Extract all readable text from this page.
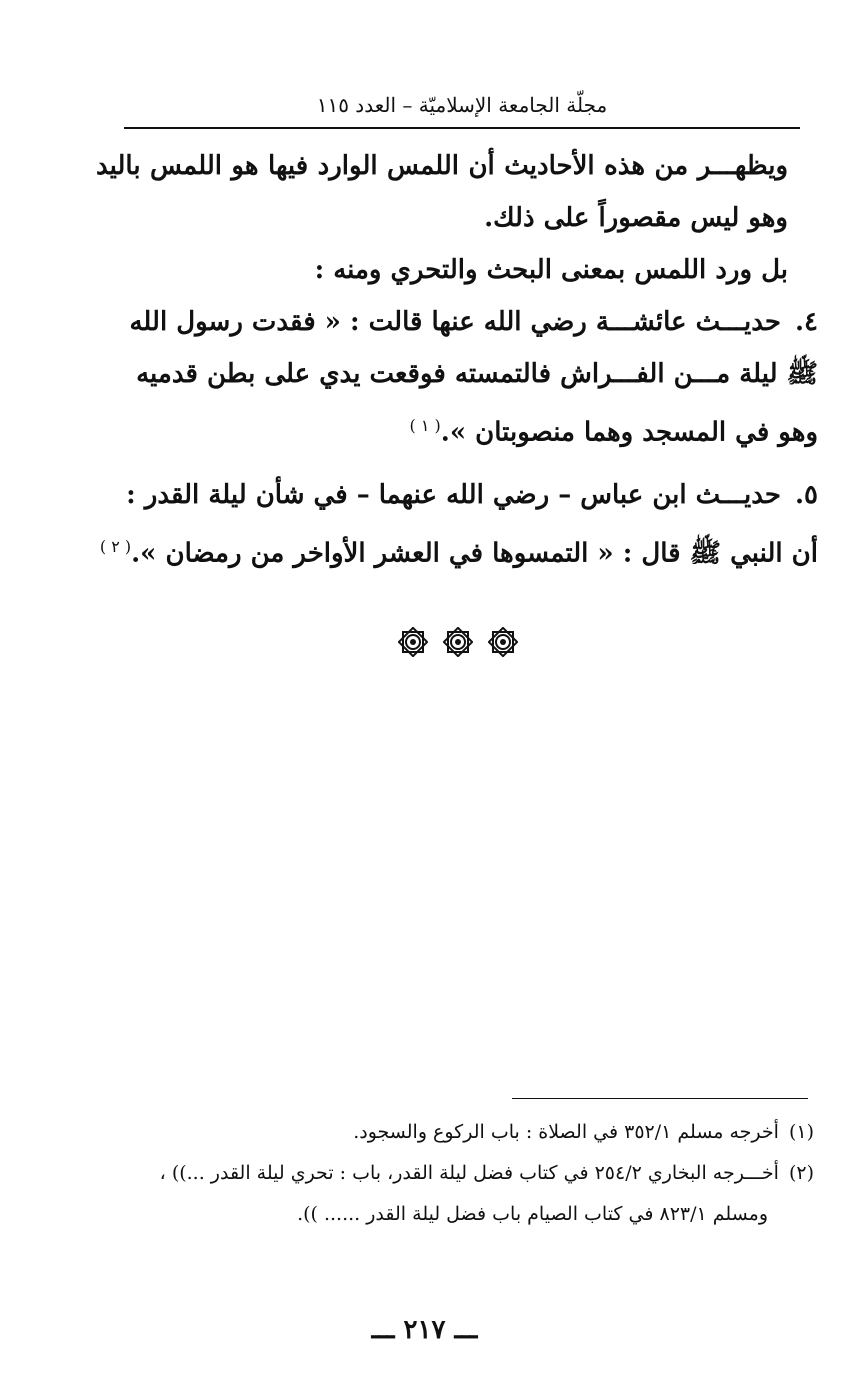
مجلّة الجامعة الإسلاميّة – العدد ١١٥

ويظهـــر من هذه الأحاديث أن اللمس الوارد فيها هو اللمس باليد وهو ليس مقصوراً على ذلك.

بل ورد اللمس بمعنى البحث والتحري ومنه :

٤.حديـــث عائشـــة رضي الله عنها قالت : « فقدت رسول الله ﷺ ليلة مـــن الفـــراش فالتمسته فوقعت يدي على بطن قدميه وهو في المسجد وهما منصوبتان ».$^{( ١ )}$
٥.حديـــث ابن عباس – رضي الله عنهما – في شأن ليلة القدر : أن النبي ﷺ قال : « التمسوها في العشر الأواخر من رمضان ».$^{( ٢ )}$

(١)أخرجه مسلم ٣٥٢/١ في الصلاة : باب الركوع والسجود.

(٢)أخـــرجه البخاري ٢٥٤/٢ في كتاب فضل ليلة القدر، باب : تحري ليلة القدر ...)) ،

ومسلم ٨٢٣/١ في كتاب الصيام باب فضل ليلة القدر ...... )).

ـــ ٢١٧ ـــ
